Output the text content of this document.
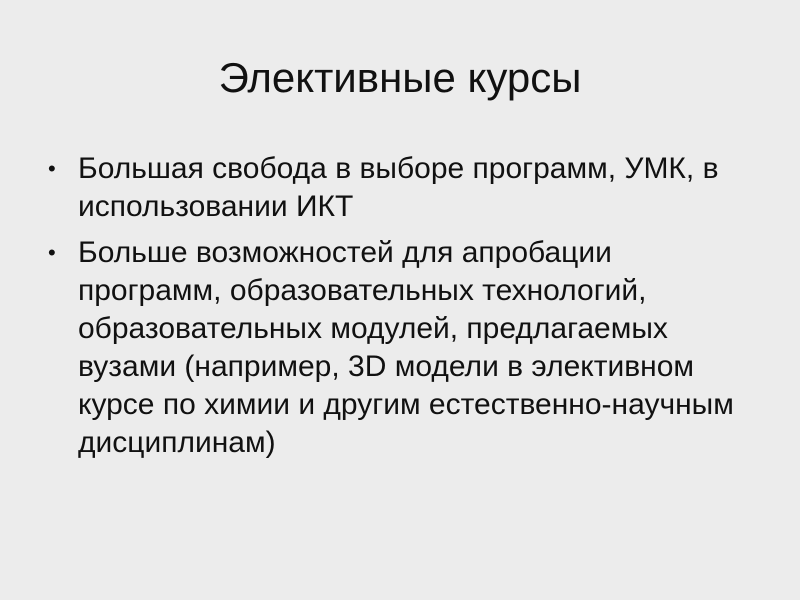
Элективные курсы
• Большая свобода в выборе программ, УМК, в использовании ИКТ
• Больше возможностей для апробации программ, образовательных технологий, образовательных модулей, предлагаемых вузами (например, 3D модели в элективном курсе по химии и другим естественно-научным дисциплинам)
